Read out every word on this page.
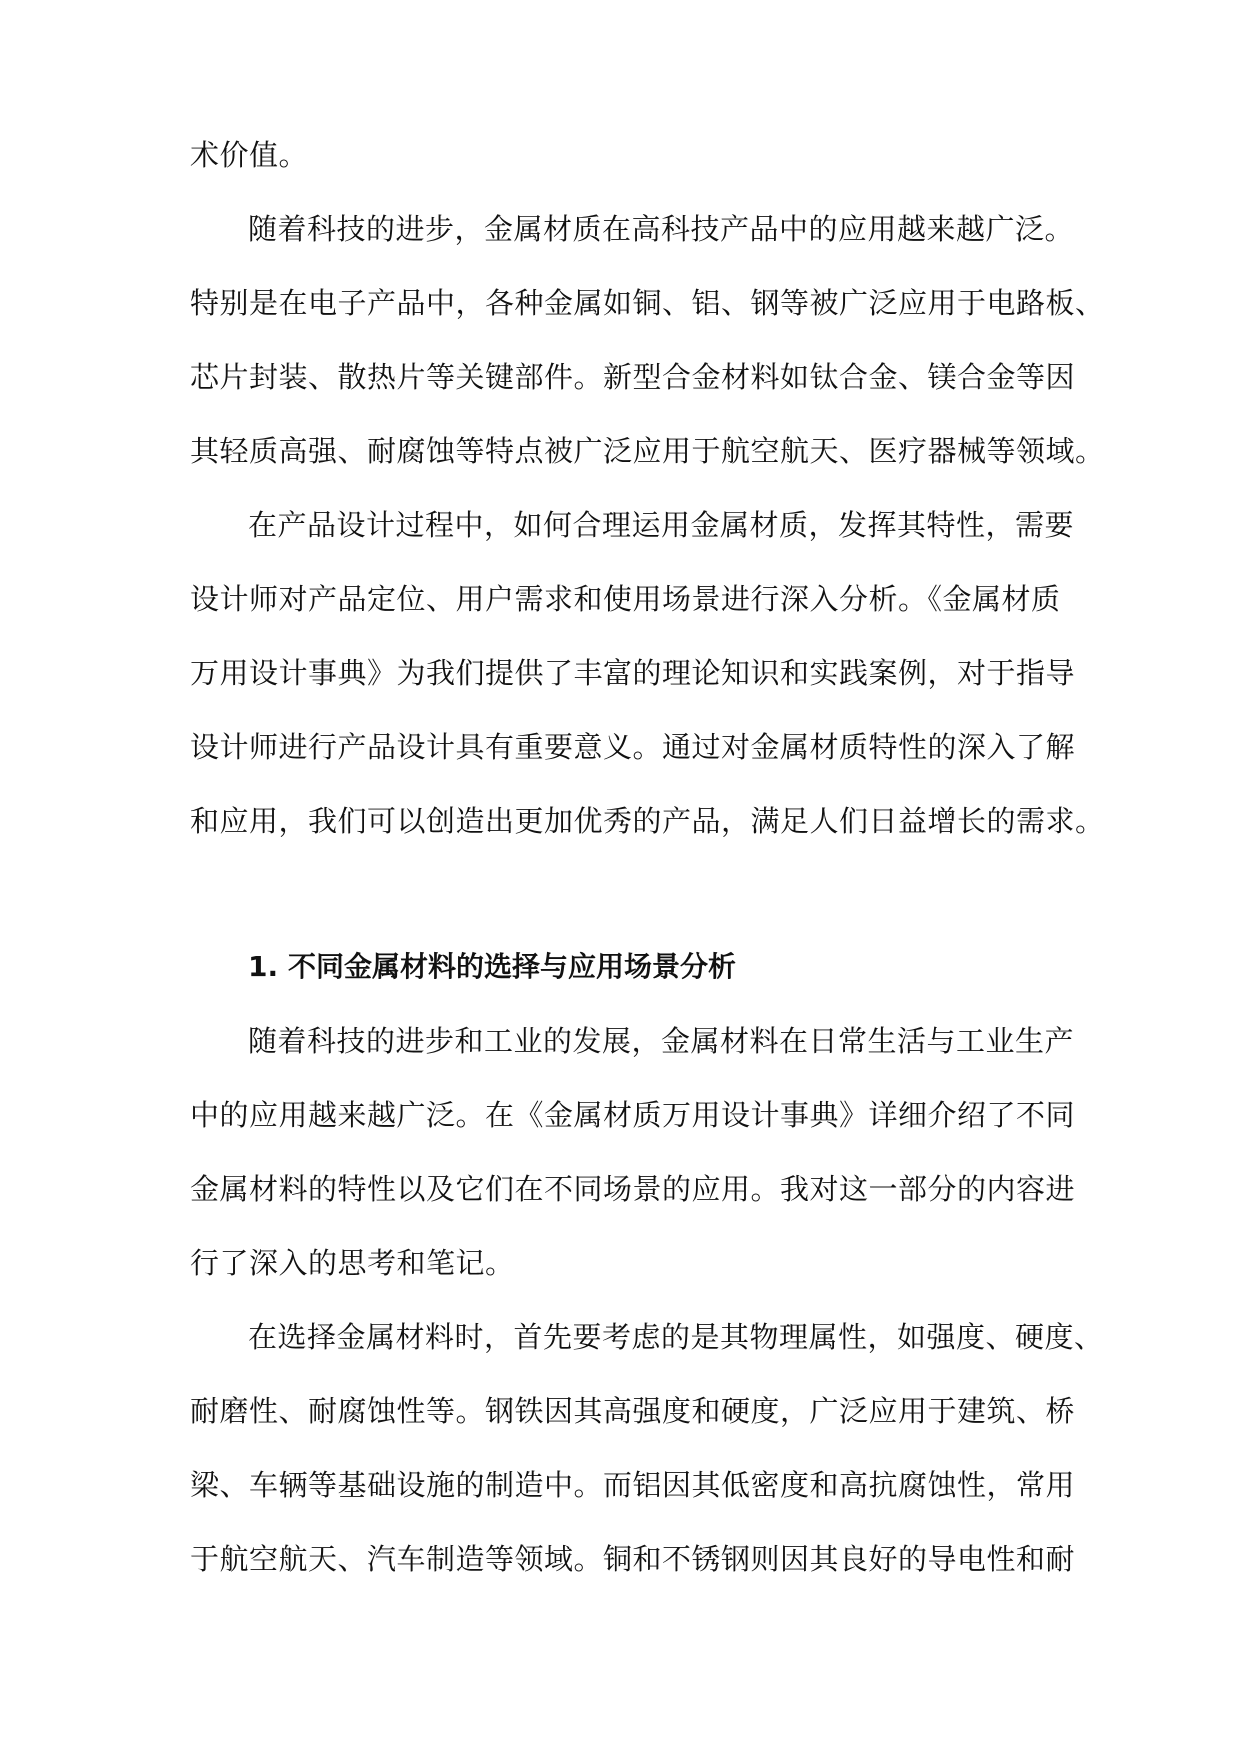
术价值。
随着科技的进步，金属材质在高科技产品中的应用越来越广泛。
特别是在电子产品中，各种金属如铜、铝、钢等被广泛应用于电路板、
芯片封装、散热片等关键部件。新型合金材料如钛合金、镁合金等因
其轻质高强、耐腐蚀等特点被广泛应用于航空航天、医疗器械等领域。
在产品设计过程中，如何合理运用金属材质，发挥其特性，需要
设计师对产品定位、用户需求和使用场景进行深入分析。《金属材质
万用设计事典》为我们提供了丰富的理论知识和实践案例，对于指导
设计师进行产品设计具有重要意义。通过对金属材质特性的深入了解
和应用，我们可以创造出更加优秀的产品，满足人们日益增长的需求。
1. 不同金属材料的选择与应用场景分析
随着科技的进步和工业的发展，金属材料在日常生活与工业生产
中的应用越来越广泛。在《金属材质万用设计事典》详细介绍了不同
金属材料的特性以及它们在不同场景的应用。我对这一部分的内容进
行了深入的思考和笔记。
在选择金属材料时，首先要考虑的是其物理属性，如强度、硬度、
耐磨性、耐腐蚀性等。钢铁因其高强度和硬度，广泛应用于建筑、桥
梁、车辆等基础设施的制造中。而铝因其低密度和高抗腐蚀性，常用
于航空航天、汽车制造等领域。铜和不锈钢则因其良好的导电性和耐
